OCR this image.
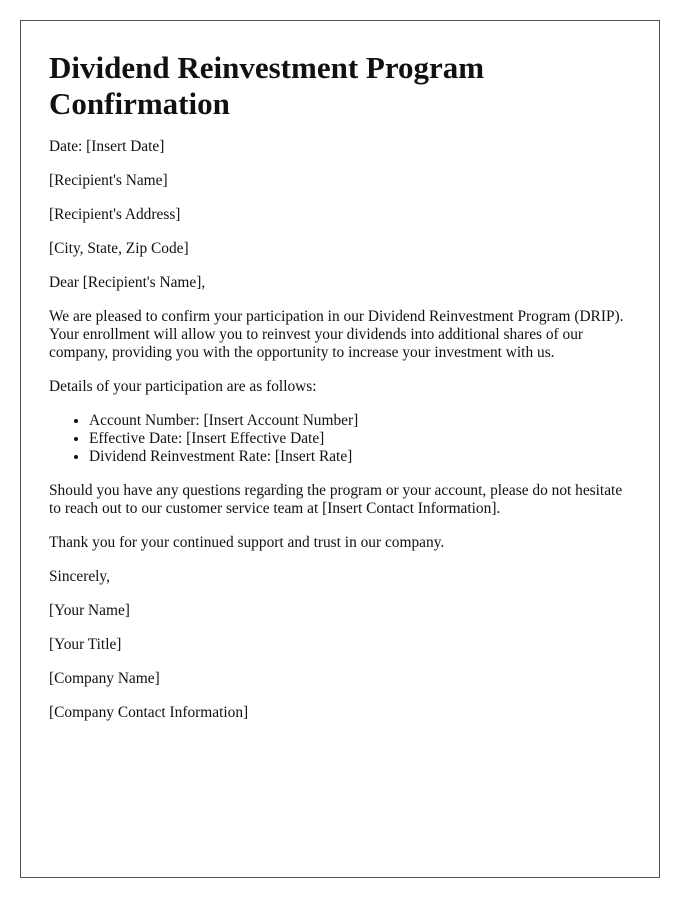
Dividend Reinvestment Program Confirmation

Date: [Insert Date]

[Recipient's Name]

[Recipient's Address]

[City, State, Zip Code]

Dear [Recipient's Name],

We are pleased to confirm your participation in our Dividend Reinvestment Program (DRIP). Your enrollment will allow you to reinvest your dividends into additional shares of our company, providing you with the opportunity to increase your investment with us.

Details of your participation are as follows:

• Account Number: [Insert Account Number]
• Effective Date: [Insert Effective Date]
• Dividend Reinvestment Rate: [Insert Rate]

Should you have any questions regarding the program or your account, please do not hesitate to reach out to our customer service team at [Insert Contact Information].

Thank you for your continued support and trust in our company.

Sincerely,

[Your Name]

[Your Title]

[Company Name]

[Company Contact Information]
